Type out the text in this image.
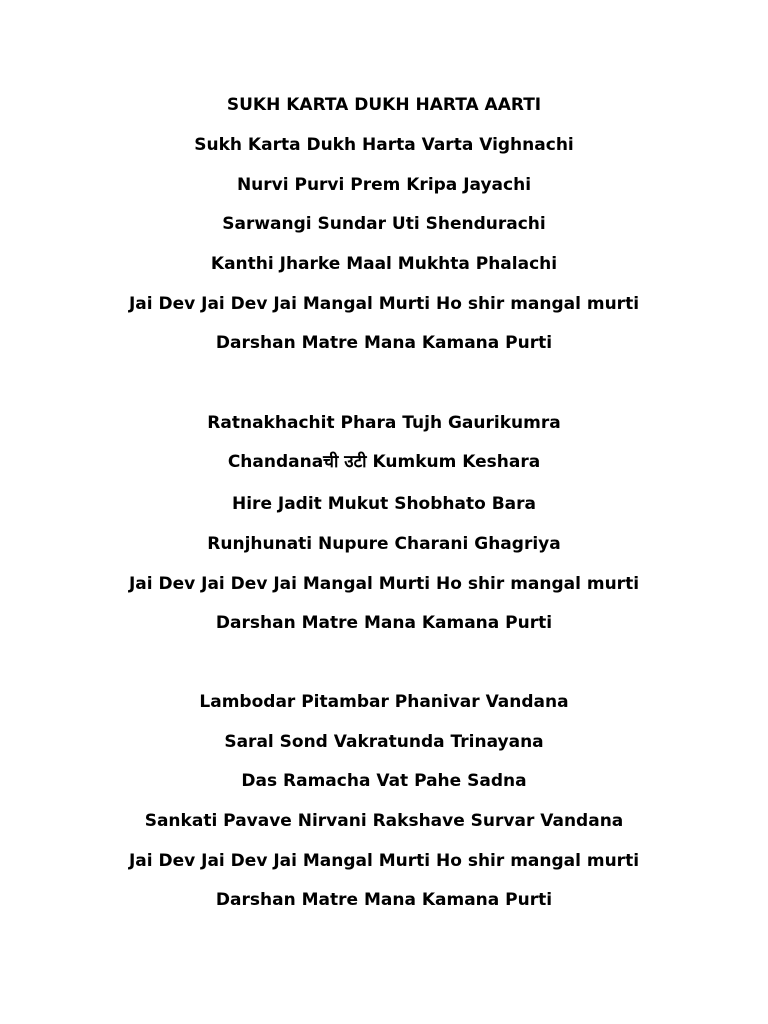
SUKH KARTA DUKH HARTA AARTI
Sukh Karta Dukh Harta Varta Vighnachi
Nurvi Purvi Prem Kripa Jayachi
Sarwangi Sundar Uti Shendurachi
Kanthi Jharke Maal Mukhta Phalachi
Jai Dev Jai Dev Jai Mangal Murti Ho shir mangal murti
Darshan Matre Mana Kamana Purti
Ratnakhachit Phara Tujh Gaurikumra
Chandanaची उटी Kumkum Keshara
Hire Jadit Mukut Shobhato Bara
Runjhunati Nupure Charani Ghagriya
Jai Dev Jai Dev Jai Mangal Murti Ho shir mangal murti
Darshan Matre Mana Kamana Purti
Lambodar Pitambar Phanivar Vandana
Saral Sond Vakratunda Trinayana
Das Ramacha Vat Pahe Sadna
Sankati Pavave Nirvani Rakshave Survar Vandana
Jai Dev Jai Dev Jai Mangal Murti Ho shir mangal murti
Darshan Matre Mana Kamana Purti
